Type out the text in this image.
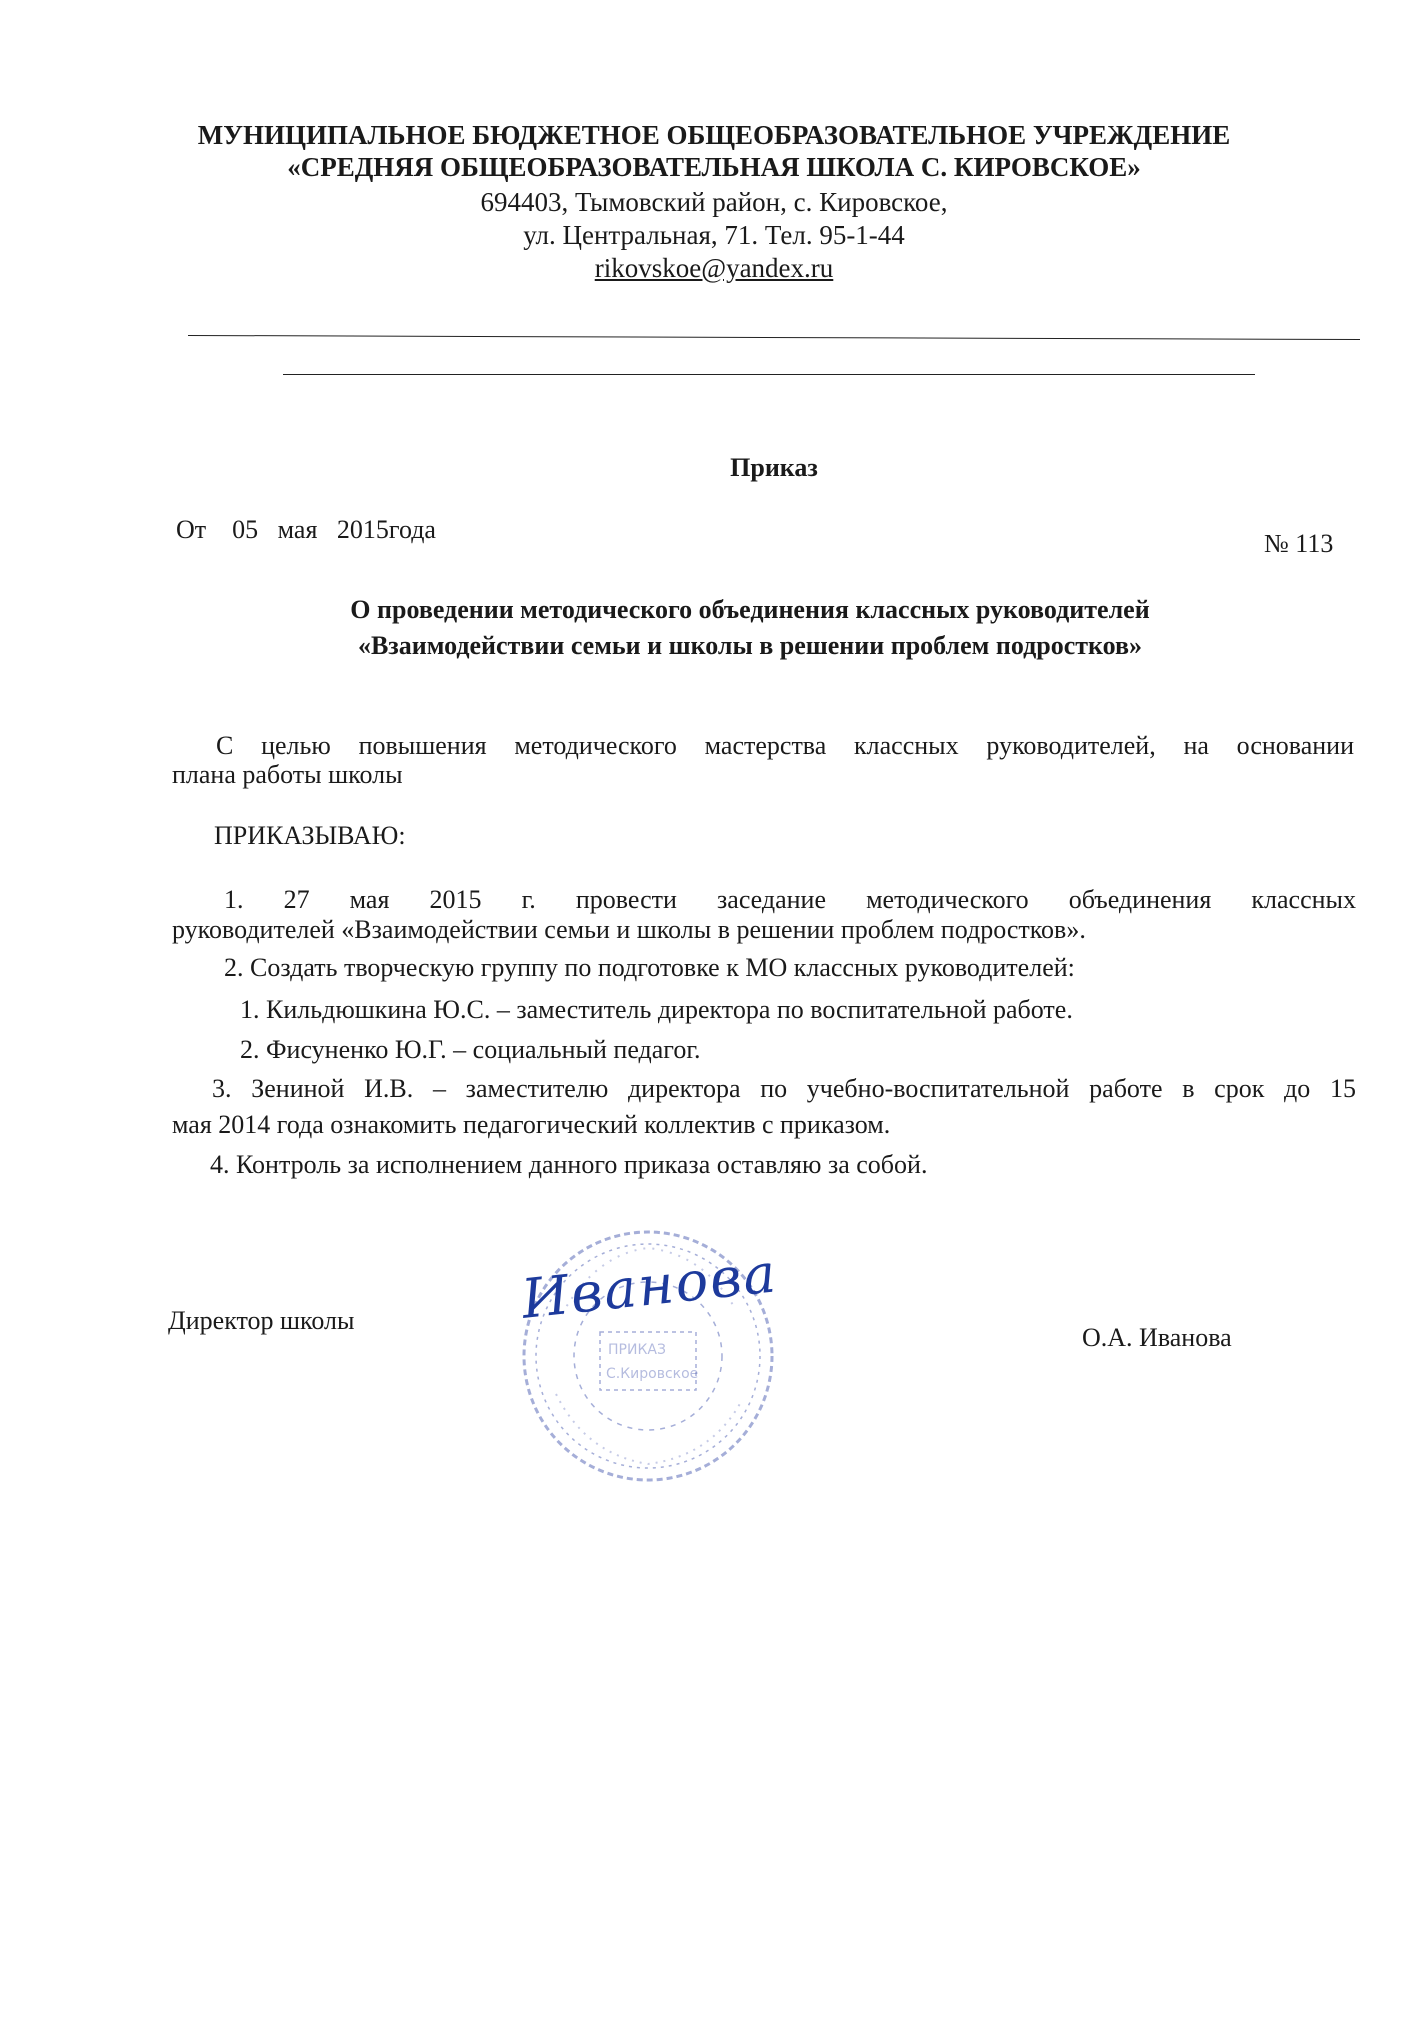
МУНИЦИПАЛЬНОЕ БЮДЖЕТНОЕ ОБЩЕОБРАЗОВАТЕЛЬНОЕ УЧРЕЖДЕНИЕ
«СРЕДНЯЯ ОБЩЕОБРАЗОВАТЕЛЬНАЯ ШКОЛА С. КИРОВСКОЕ»
694403, Тымовский район, с. Кировское,
ул. Центральная, 71. Тел. 95-1-44
rikovskoe@yandex.ru
Приказ
От 05 мая 2015года	№ 113
О проведении методического объединения классных руководителей
«Взаимодействии семьи и школы в решении проблем подростков»
С целью повышения методического мастерства классных руководителей, на основании
плана работы школы
ПРИКАЗЫВАЮ:
1. 27 мая 2015 г. провести заседание методического объединения классных
руководителей «Взаимодействии семьи и школы в решении проблем подростков».
2. Создать творческую группу по подготовке к МО классных руководителей:
1. Кильдюшкина Ю.С. – заместитель директора по воспитательной работе.
2. Фисуненко Ю.Г. – социальный педагог.
3. Зениной И.В. – заместителю директора по учебно-воспитательной работе в срок до 15
мая 2014 года ознакомить педагогический коллектив с приказом.
4. Контроль за исполнением данного приказа оставляю за собой.
Директор школы
О.А. Иванова
ПРИКАЗ
С.Кировское
Иванова
